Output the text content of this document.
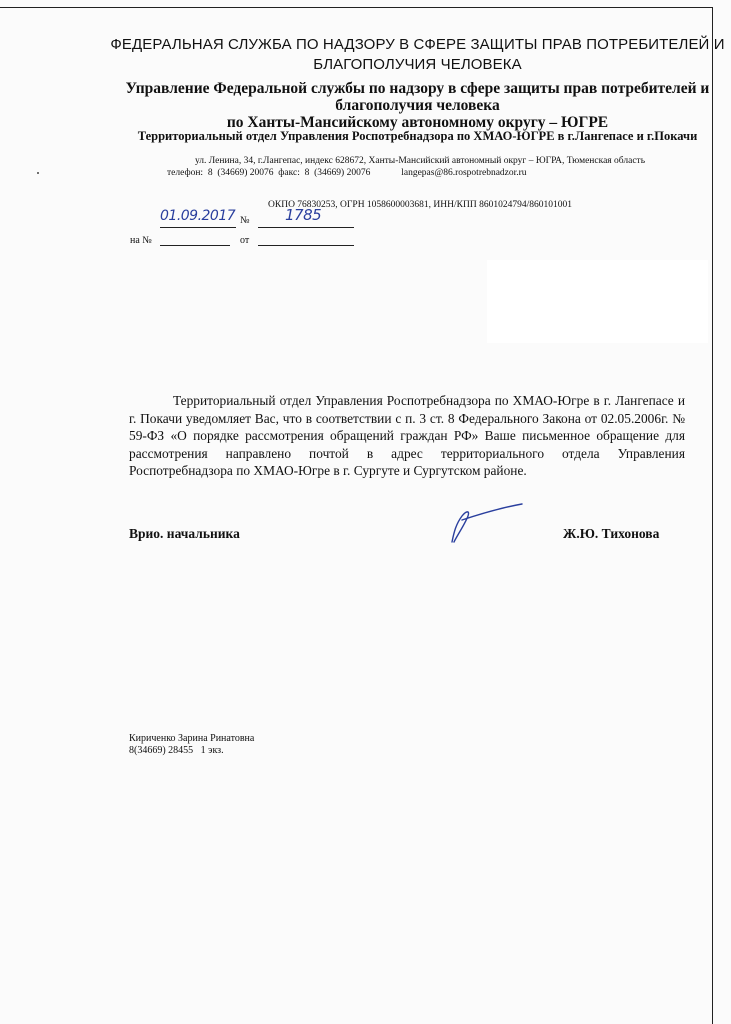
ФЕДЕРАЛЬНАЯ СЛУЖБА ПО НАДЗОРУ В СФЕРЕ ЗАЩИТЫ ПРАВ ПОТРЕБИТЕЛЕЙ И БЛАГОПОЛУЧИЯ ЧЕЛОВЕКА
Управление Федеральной службы по надзору в сфере защиты прав потребителей и
благополучия человека
по Ханты-Мансийскому автономному округу – ЮГРЕ
Территориальный отдел Управления Роспотребнадзора по ХМАО-ЮГРЕ в г.Лангепасе и г.Покачи
ул. Ленина, 34, г.Лангепас, индекс 628672, Ханты-Мансийский автономный округ – ЮГРА, Тюменская область
телефон:  8  (34669) 20076  факс:  8  (34669) 20076             langepas@86.rospotrebnadzor.ru
ОКПО 76830253, ОГРН 1058600003681, ИНН/КПП 8601024794/860101001
01.09.2017 № 1785
на №	от
Территориальный отдел Управления Роспотребнадзора по ХМАО-Югре в г. Лангепасе и г. Покачи уведомляет Вас, что в соответствии с п. 3 ст. 8 Федерального Закона от 02.05.2006г. № 59-ФЗ «О порядке рассмотрения обращений граждан РФ» Ваше письменное обращение для рассмотрения направлено почтой в адрес территориального отдела Управления Роспотребнадзора по ХМАО-Югре в г. Сургуте и Сургутском районе.
Врио. начальника	Ж.Ю. Тихонова
Кириченко Зарина Ринатовна
8(34669) 28455   1 экз.
